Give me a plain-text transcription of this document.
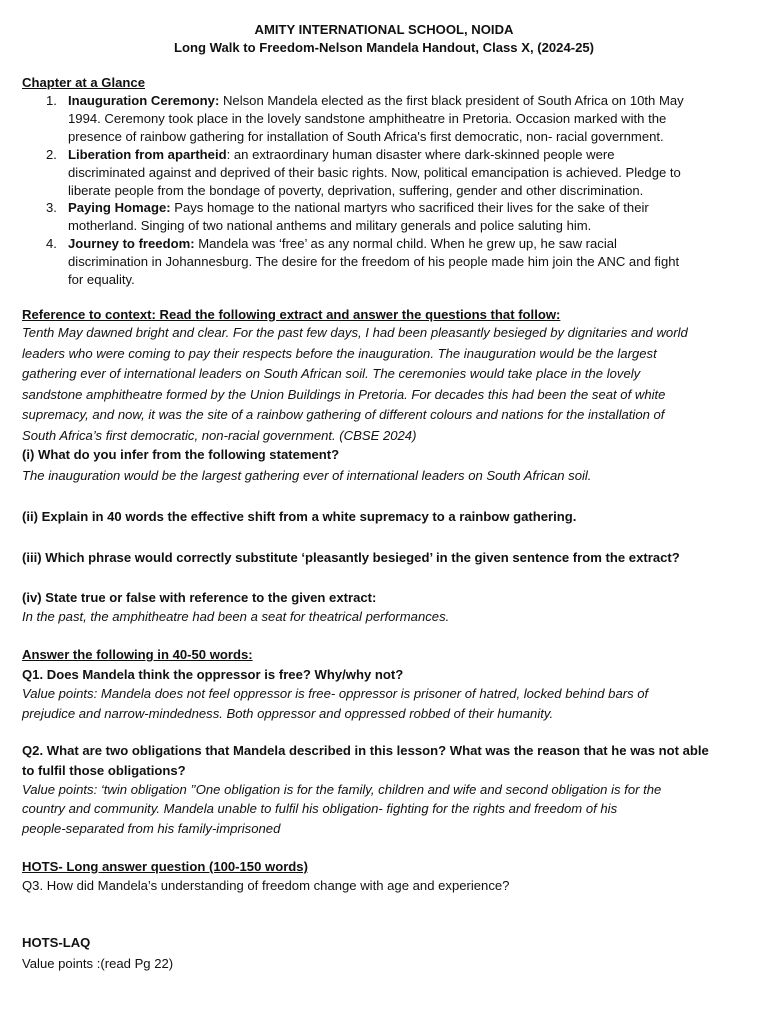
AMITY INTERNATIONAL SCHOOL, NOIDA
Long Walk to Freedom-Nelson Mandela Handout, Class X, (2024-25)
Chapter at a Glance
1. Inauguration Ceremony: Nelson Mandela elected as the first black president of South Africa on 10th May
1994. Ceremony took place in the lovely sandstone amphitheatre in Pretoria. Occasion marked with the
presence of rainbow gathering for installation of South Africa's first democratic, non- racial government.
2. Liberation from apartheid: an extraordinary human disaster where dark-skinned people were
discriminated against and deprived of their basic rights. Now, political emancipation is achieved. Pledge to
liberate people from the bondage of poverty, deprivation, suffering, gender and other discrimination.
3. Paying Homage: Pays homage to the national martyrs who sacrificed their lives for the sake of their
motherland. Singing of two national anthems and military generals and police saluting him.
4. Journey to freedom: Mandela was ‘free’ as any normal child. When he grew up, he saw racial
discrimination in Johannesburg. The desire for the freedom of his people made him join the ANC and fight
for equality.
Reference to context: Read the following extract and answer the questions that follow:
Tenth May dawned bright and clear. For the past few days, I had been pleasantly besieged by dignitaries and world
leaders who were coming to pay their respects before the inauguration. The inauguration would be the largest
gathering ever of international leaders on South African soil. The ceremonies would take place in the lovely
sandstone amphitheatre formed by the Union Buildings in Pretoria. For decades this had been the seat of white
supremacy, and now, it was the site of a rainbow gathering of different colours and nations for the installation of
South Africa’s first democratic, non-racial government. (CBSE 2024)
(i) What do you infer from the following statement?
The inauguration would be the largest gathering ever of international leaders on South African soil.
(ii) Explain in 40 words the effective shift from a white supremacy to a rainbow gathering.
(iii) Which phrase would correctly substitute ‘pleasantly besieged’ in the given sentence from the extract?
(iv) State true or false with reference to the given extract:
In the past, the amphitheatre had been a seat for theatrical performances.
Answer the following in 40-50 words:
Q1. Does Mandela think the oppressor is free? Why/why not?
Value points: Mandela does not feel oppressor is free- oppressor is prisoner of hatred, locked behind bars of
prejudice and narrow-mindedness. Both oppressor and oppressed robbed of their humanity.
Q2. What are two obligations that Mandela described in this lesson? What was the reason that he was not able
to fulfil those obligations?
Value points: ‘twin obligation ’’One obligation is for the family, children and wife and second obligation is for the
country and community. Mandela unable to fulfil his obligation- fighting for the rights and freedom of his
people-separated from his family-imprisoned
HOTS- Long answer question (100-150 words)
Q3. How did Mandela’s understanding of freedom change with age and experience?
HOTS-LAQ
Value points :(read Pg 22)
